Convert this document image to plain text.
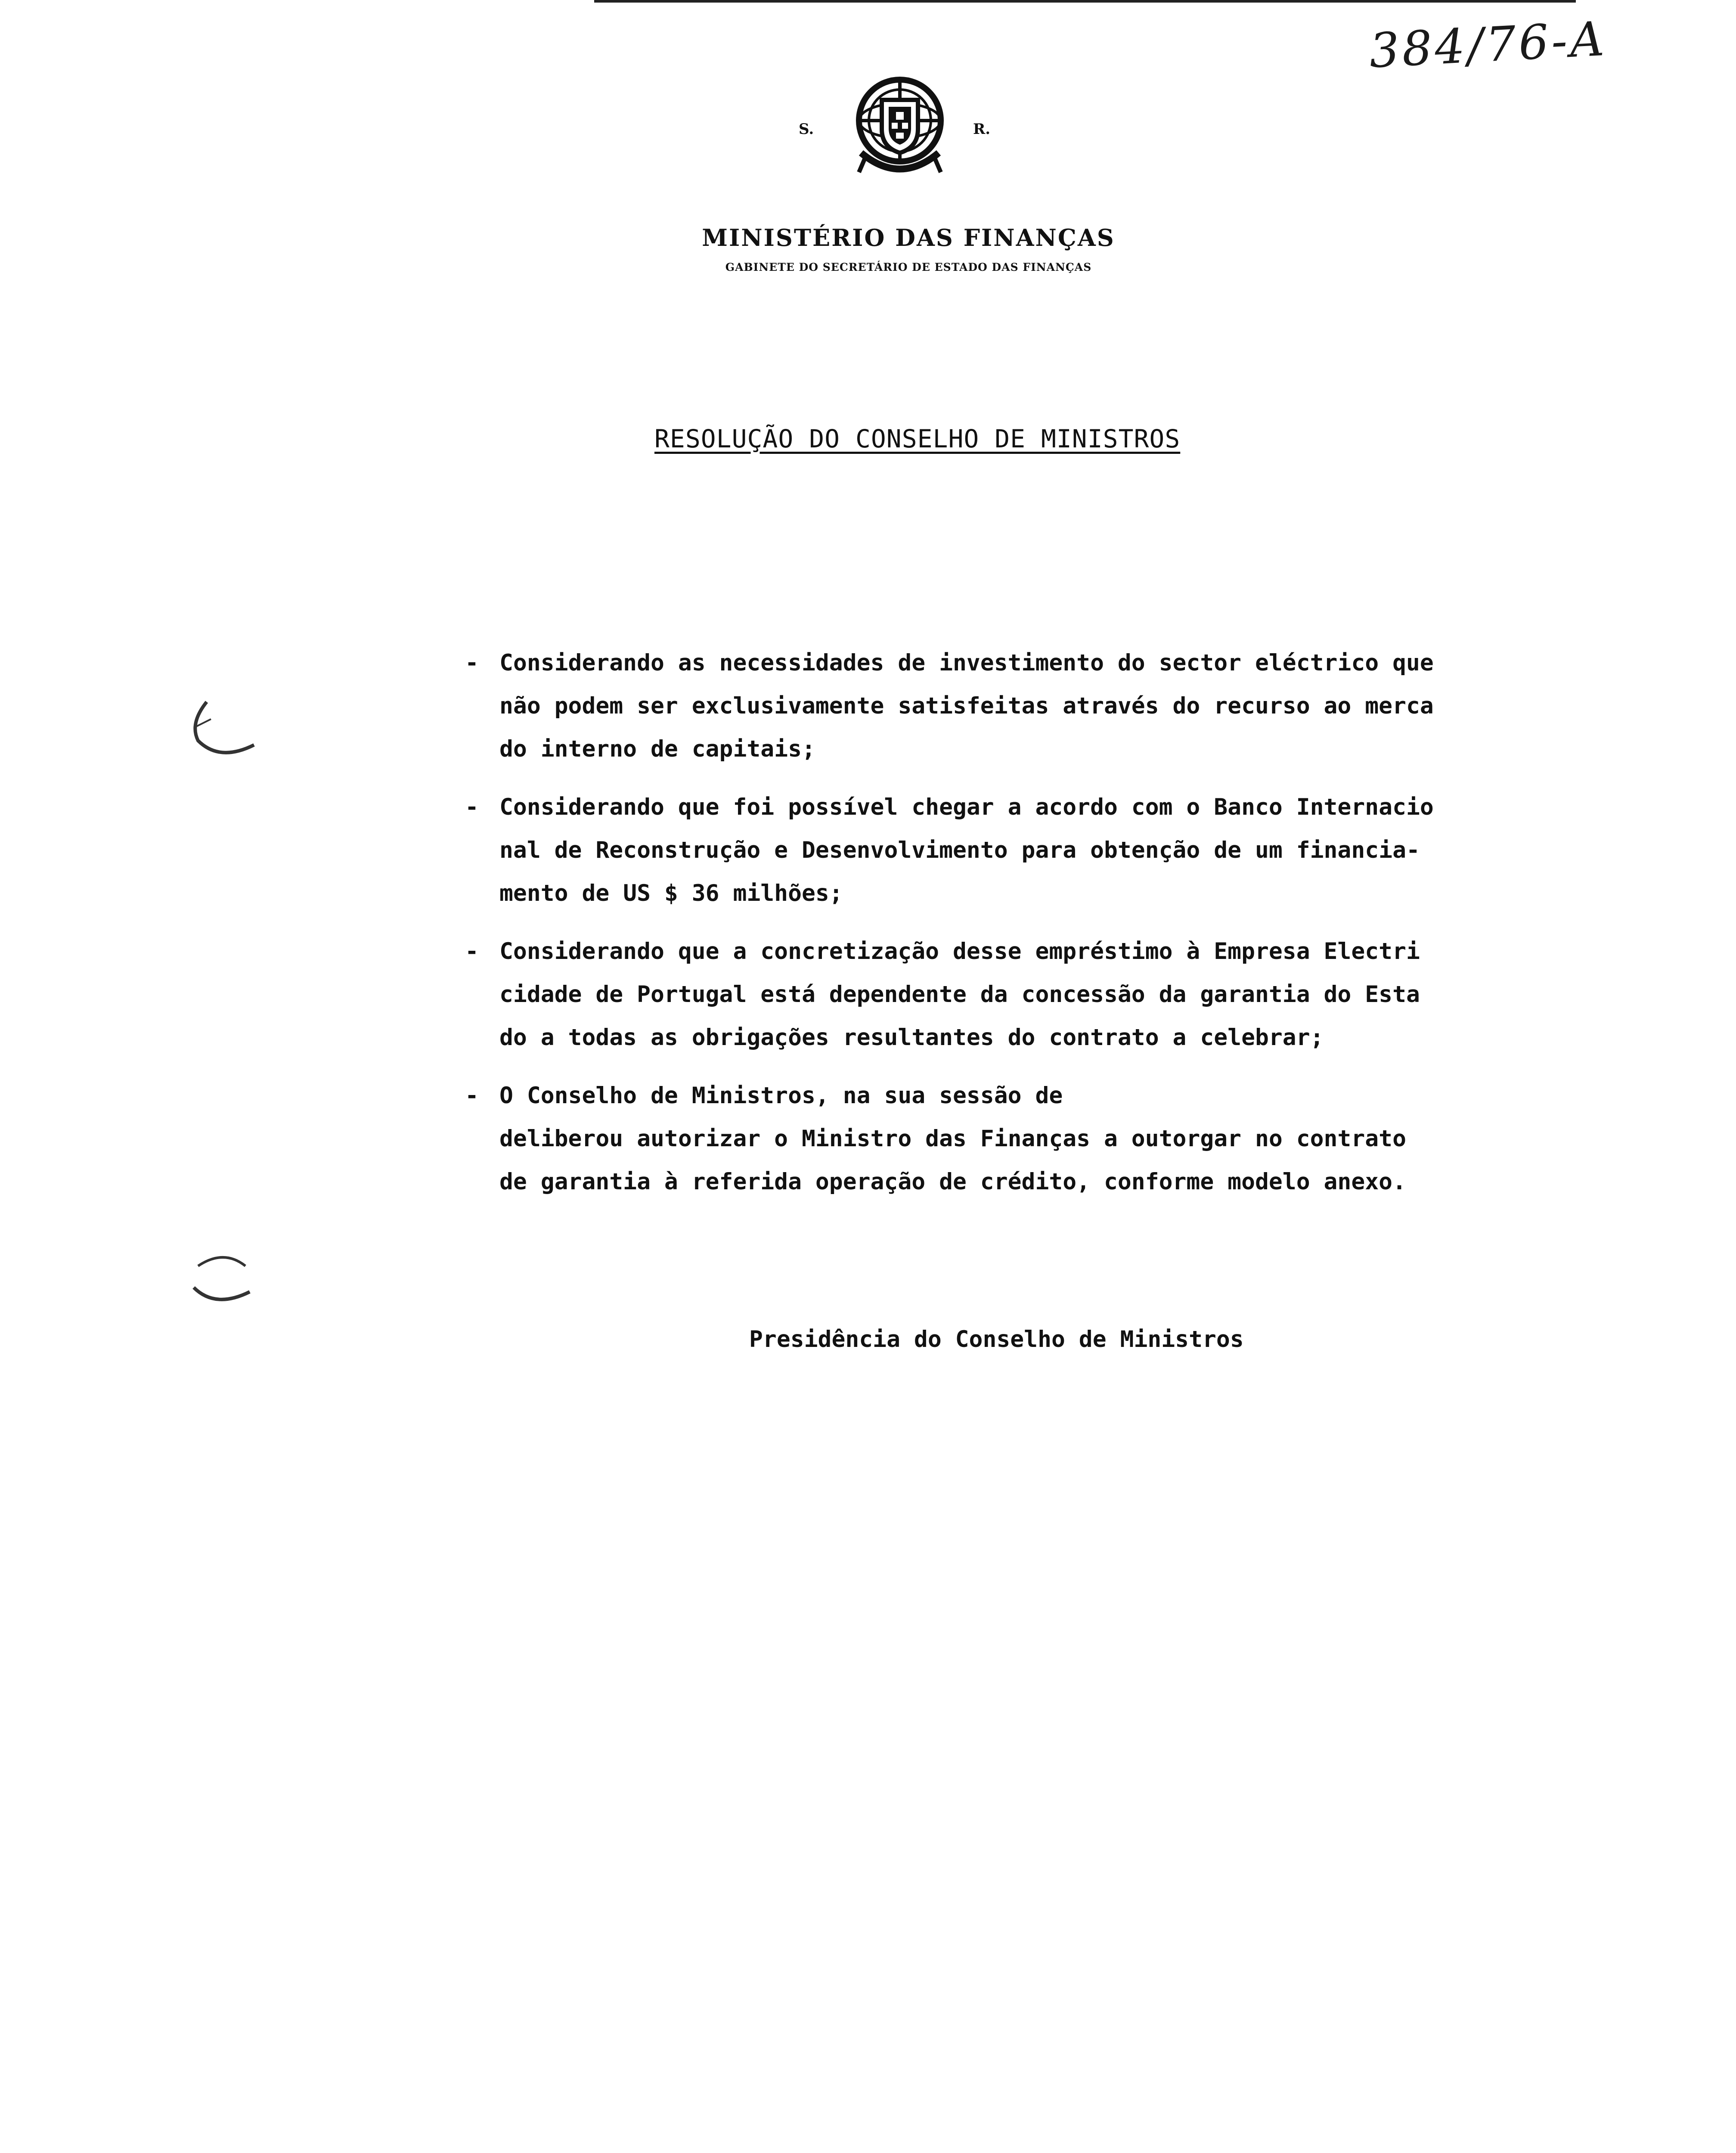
384/76-A
S.	R.
MINISTÉRIO DAS FINANÇAS
GABINETE DO SECRETÁRIO DE ESTADO DAS FINANÇAS
RESOLUÇÃO DO CONSELHO DE MINISTROS
- Considerando as necessidades de investimento do sector eléctrico que
não podem ser exclusivamente satisfeitas através do recurso ao merca
do interno de capitais;
- Considerando que foi possível chegar a acordo com o Banco Internacio
nal de Reconstrução e Desenvolvimento para obtenção de um financia-
mento de US $ 36 milhões;
- Considerando que a concretização desse empréstimo à Empresa Electri
cidade de Portugal está dependente da concessão da garantia do Esta
do a todas as obrigações resultantes do contrato a celebrar;
- O Conselho de Ministros, na sua sessão de
deliberou autorizar o Ministro das Finanças a outorgar no contrato
de garantia à referida operação de crédito, conforme modelo anexo.
Presidência do Conselho de Ministros
